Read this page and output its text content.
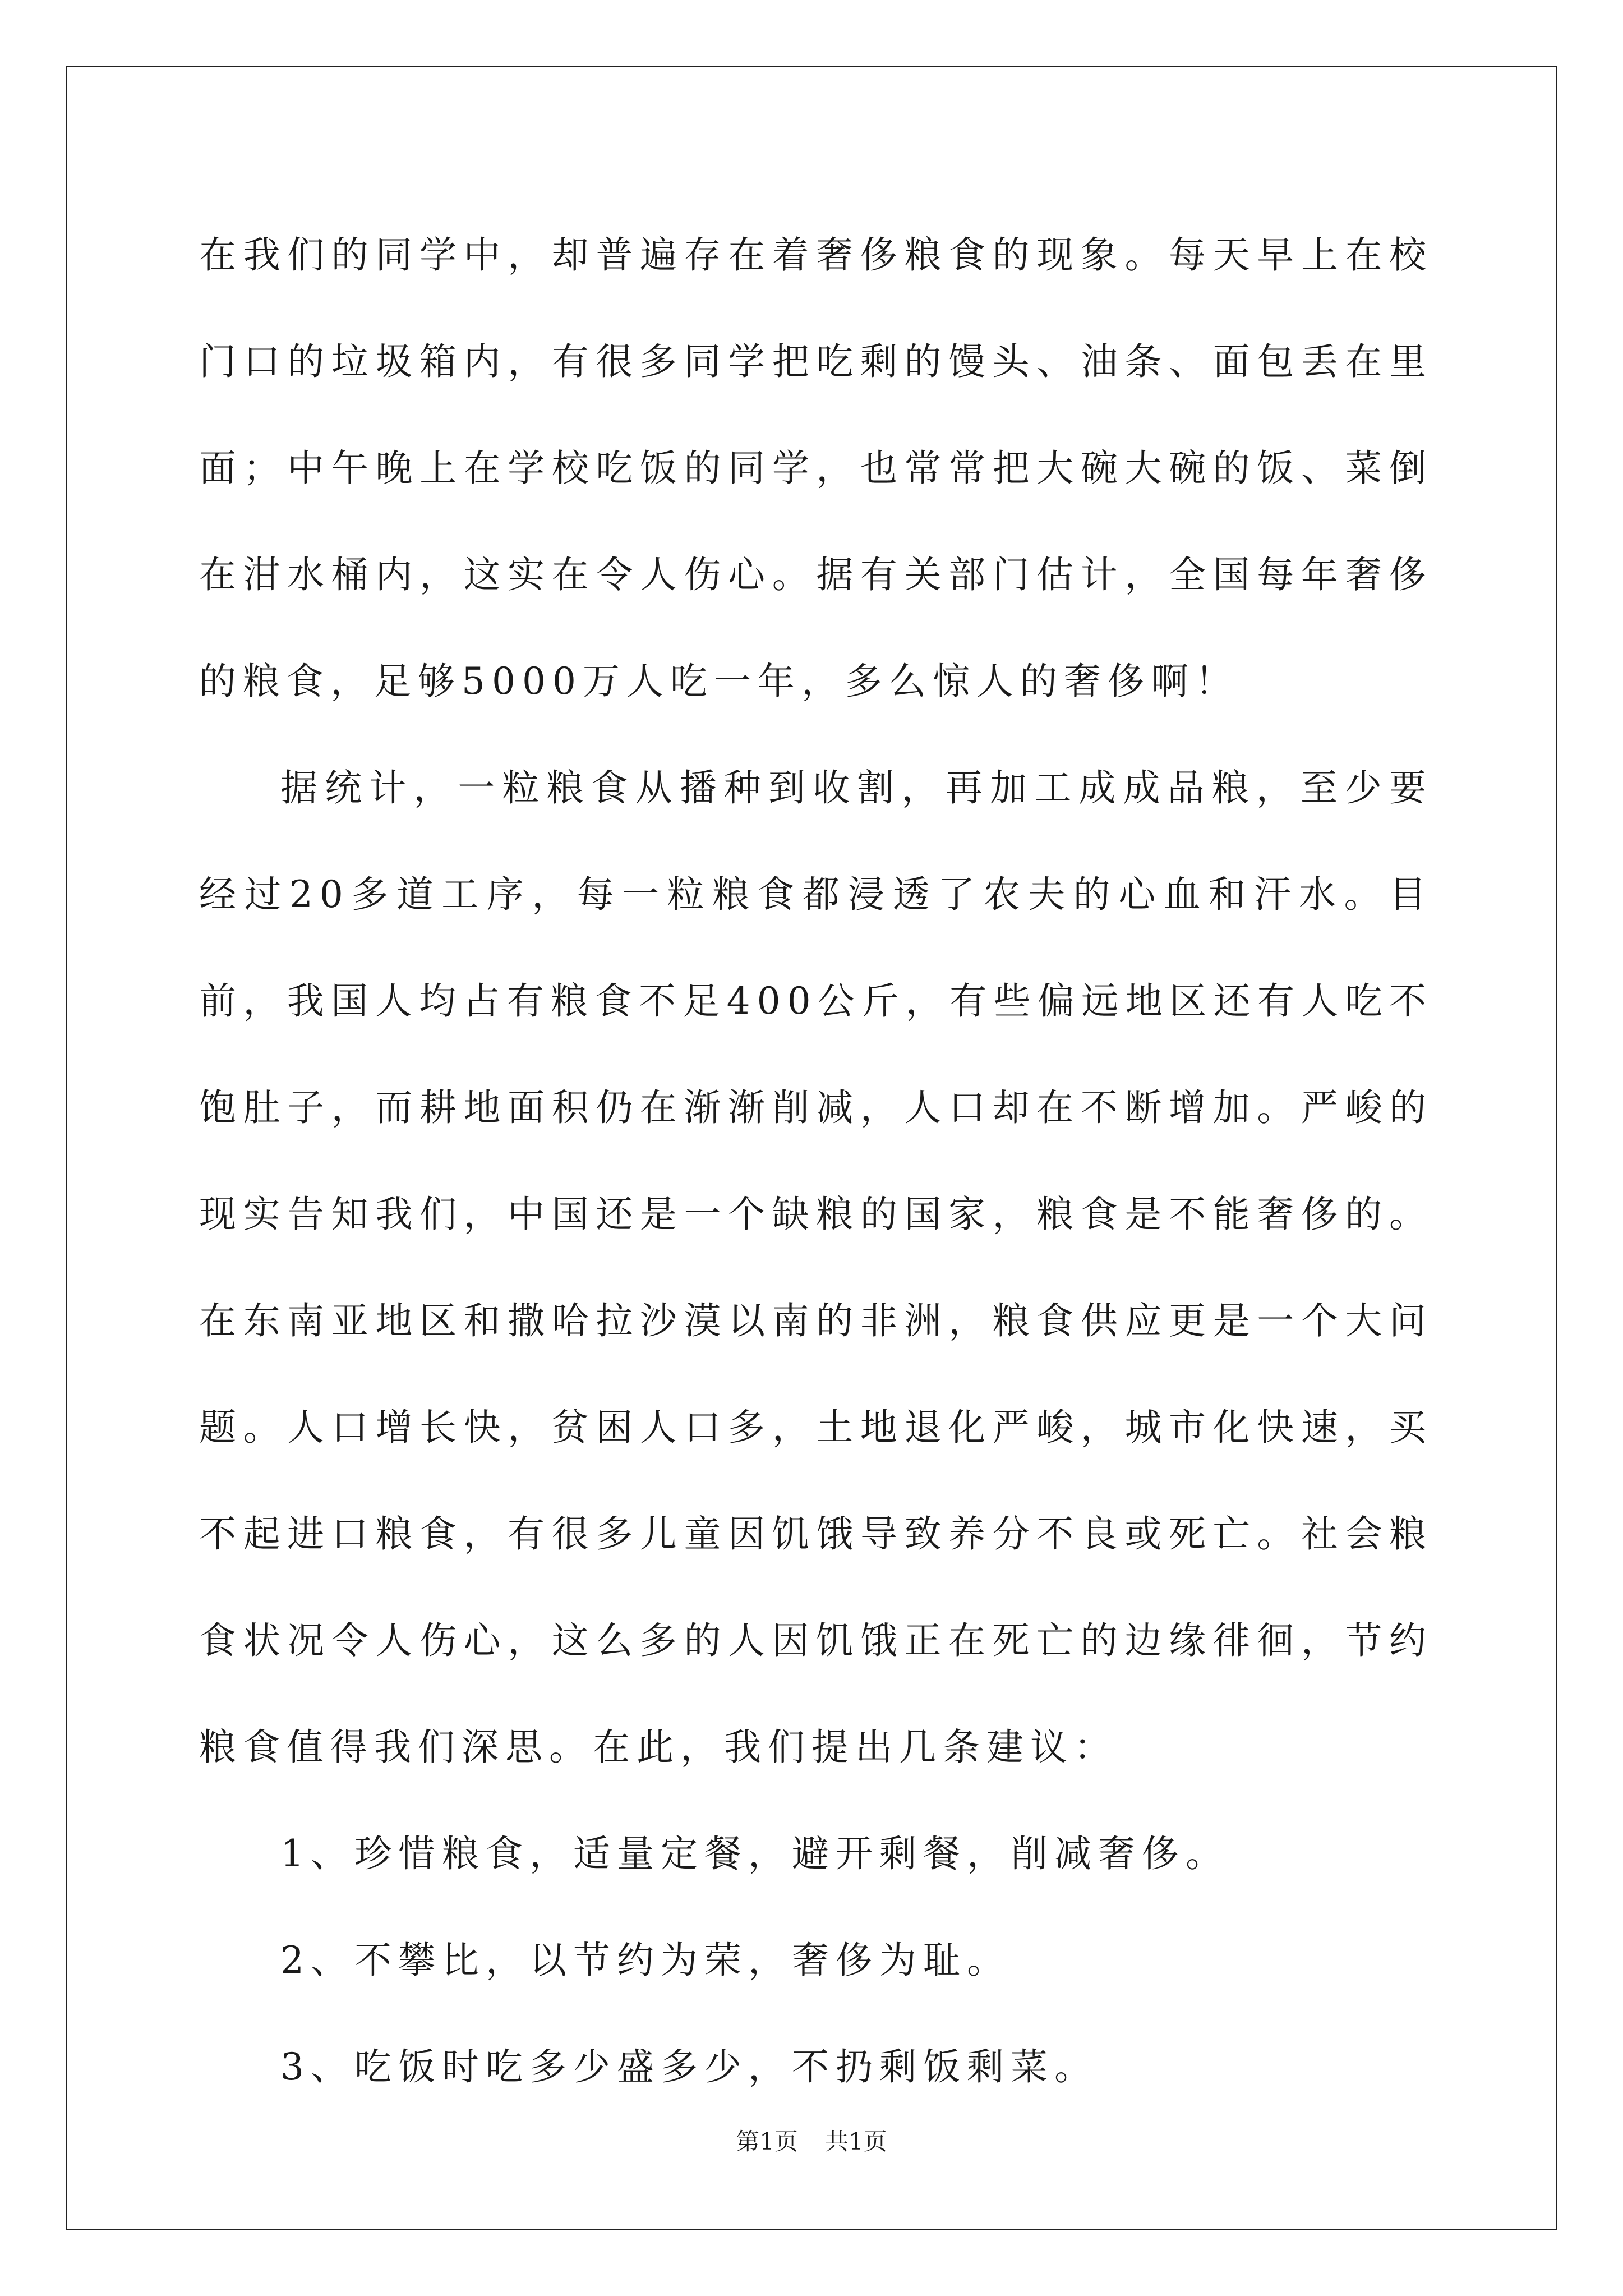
在我们的同学中，却普遍存在着奢侈粮食的现象。每天早上在校门口的垃圾箱内，有很多同学把吃剩的馒头、油条、面包丢在里面；中午晚上在学校吃饭的同学，也常常把大碗大碗的饭、菜倒在泔水桶内，这实在令人伤心。据有关部门估计，全国每年奢侈的粮食，足够5000万人吃一年，多么惊人的奢侈啊！

据统计，一粒粮食从播种到收割，再加工成成品粮，至少要经过20多道工序，每一粒粮食都浸透了农夫的心血和汗水。目前，我国人均占有粮食不足400公斤，有些偏远地区还有人吃不饱肚子，而耕地面积仍在渐渐削减，人口却在不断增加。严峻的现实告知我们，中国还是一个缺粮的国家，粮食是不能奢侈的。在东南亚地区和撒哈拉沙漠以南的非洲，粮食供应更是一个大问题。人口增长快，贫困人口多，土地退化严峻，城市化快速，买不起进口粮食，有很多儿童因饥饿导致养分不良或死亡。社会粮食状况令人伤心，这么多的人因饥饿正在死亡的边缘徘徊，节约粮食值得我们深思。在此，我们提出几条建议：

1、珍惜粮食，适量定餐，避开剩餐，削减奢侈。

2、不攀比，以节约为荣，奢侈为耻。

3、吃饭时吃多少盛多少，不扔剩饭剩菜。

第1页 共1页
